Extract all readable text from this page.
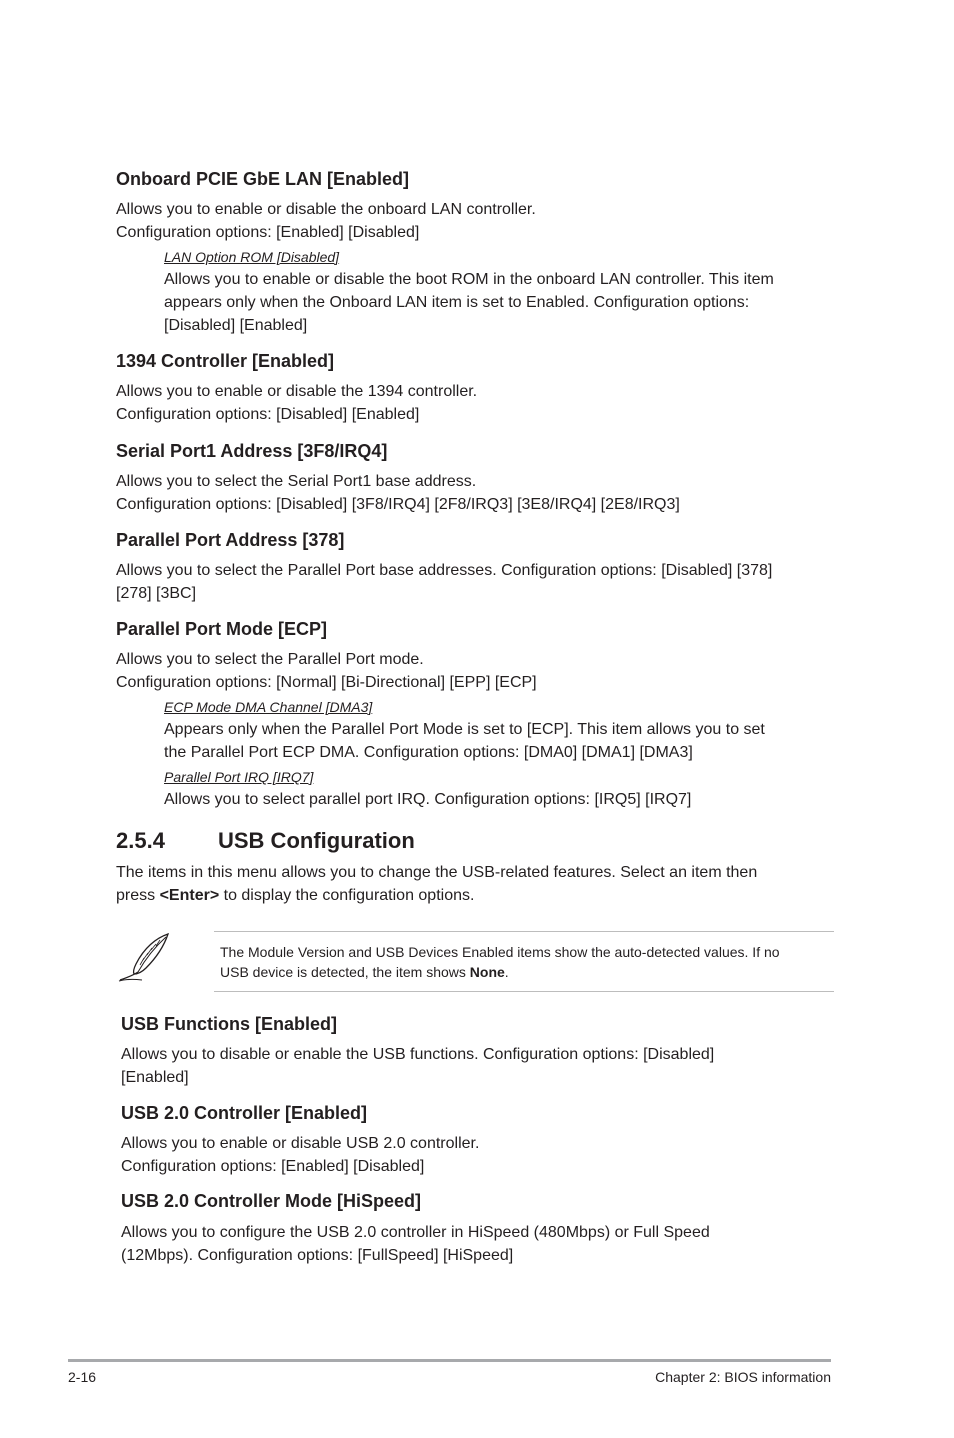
Onboard PCIE GbE LAN [Enabled]
Allows you to enable or disable the onboard LAN controller.
Configuration options: [Enabled] [Disabled]
LAN Option ROM [Disabled]
Allows you to enable or disable the boot ROM in the onboard LAN controller. This item
appears only when the Onboard LAN item is set to Enabled. Configuration options:
[Disabled] [Enabled]
1394 Controller [Enabled]
Allows you to enable or disable the 1394 controller.
Configuration options: [Disabled] [Enabled]
Serial Port1 Address [3F8/IRQ4]
Allows you to select the Serial Port1 base address.
Configuration options: [Disabled] [3F8/IRQ4] [2F8/IRQ3] [3E8/IRQ4] [2E8/IRQ3]
Parallel Port Address [378]
Allows you to select the Parallel Port base addresses. Configuration options: [Disabled] [378]
[278] [3BC]
Parallel Port Mode [ECP]
Allows you to select the Parallel Port mode.
Configuration options: [Normal] [Bi-Directional] [EPP] [ECP]
ECP Mode DMA Channel [DMA3]
Appears only when the Parallel Port Mode is set to [ECP]. This item allows you to set
the Parallel Port ECP DMA. Configuration options: [DMA0] [DMA1] [DMA3]
Parallel Port IRQ [IRQ7]
Allows you to select parallel port IRQ. Configuration options: [IRQ5] [IRQ7]
2.5.4 USB Configuration
The items in this menu allows you to change the USB-related features. Select an item then
press <Enter> to display the configuration options.
The Module Version and USB Devices Enabled items show the auto-detected values. If no
USB device is detected, the item shows None.
USB Functions [Enabled]
Allows you to disable or enable the USB functions. Configuration options: [Disabled]
[Enabled]
USB 2.0 Controller [Enabled]
Allows you to enable or disable USB 2.0 controller.
Configuration options: [Enabled] [Disabled]
USB 2.0 Controller Mode [HiSpeed]
Allows you to configure the USB 2.0 controller in HiSpeed (480Mbps) or Full Speed
(12Mbps). Configuration options: [FullSpeed] [HiSpeed]
2-16	Chapter 2: BIOS information
